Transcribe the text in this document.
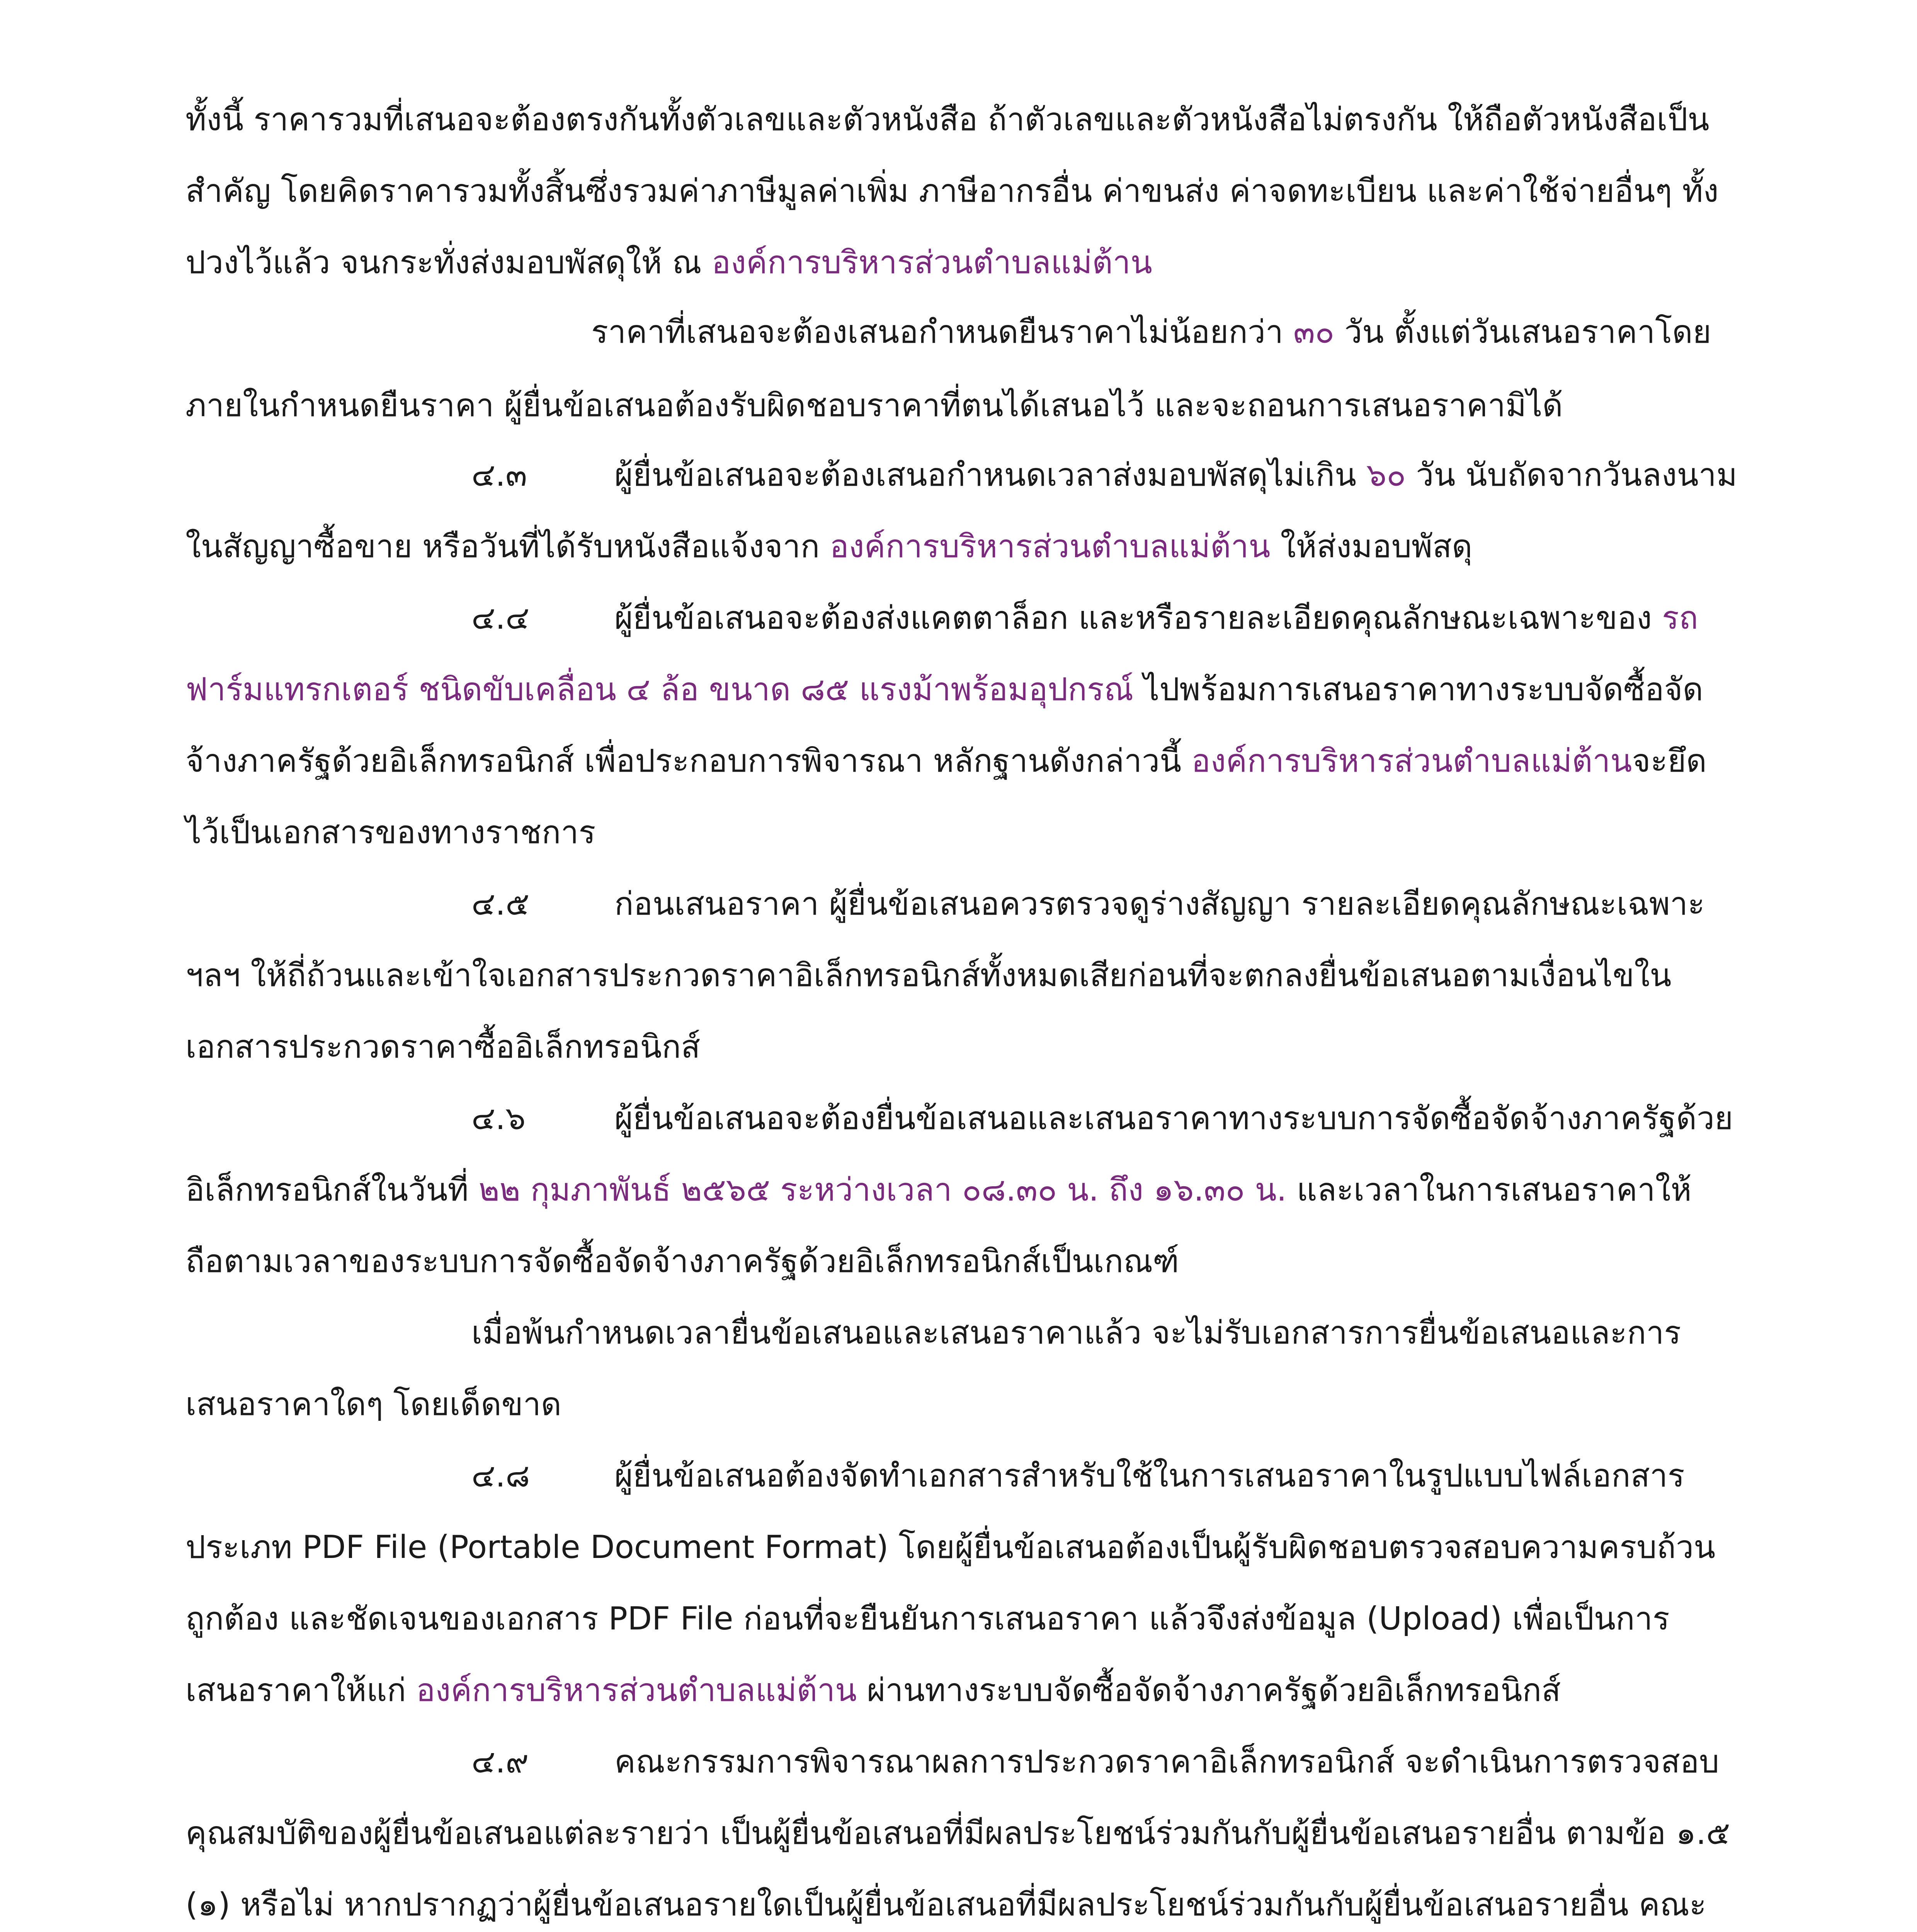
ทั้งนี้ ราคารวมที่เสนอจะต้องตรงกันทั้งตัวเลขและตัวหนังสือ ถ้าตัวเลขและตัวหนังสือไม่ตรงกัน ให้ถือตัวหนังสือเป็น
สำคัญ โดยคิดราคารวมทั้งสิ้นซึ่งรวมค่าภาษีมูลค่าเพิ่ม ภาษีอากรอื่น ค่าขนส่ง ค่าจดทะเบียน และค่าใช้จ่ายอื่นๆ ทั้ง
ปวงไว้แล้ว จนกระทั่งส่งมอบพัสดุให้ ณ องค์การบริหารส่วนตำบลแม่ต้าน
ราคาที่เสนอจะต้องเสนอกำหนดยืนราคาไม่น้อยกว่า ๓๐ วัน ตั้งแต่วันเสนอราคาโดย
ภายในกำหนดยืนราคา ผู้ยื่นข้อเสนอต้องรับผิดชอบราคาที่ตนได้เสนอไว้ และจะถอนการเสนอราคามิได้
๔.๓	ผู้ยื่นข้อเสนอจะต้องเสนอกำหนดเวลาส่งมอบพัสดุไม่เกิน ๖๐ วัน นับถัดจากวันลงนาม
ในสัญญาซื้อขาย หรือวันที่ได้รับหนังสือแจ้งจาก องค์การบริหารส่วนตำบลแม่ต้าน ให้ส่งมอบพัสดุ
๔.๔	ผู้ยื่นข้อเสนอจะต้องส่งแคตตาล็อก และหรือรายละเอียดคุณลักษณะเฉพาะของ รถ
ฟาร์มแทรกเตอร์ ชนิดขับเคลื่อน ๔ ล้อ ขนาด ๘๕ แรงม้าพร้อมอุปกรณ์ ไปพร้อมการเสนอราคาทางระบบจัดซื้อจัด
จ้างภาครัฐด้วยอิเล็กทรอนิกส์ เพื่อประกอบการพิจารณา หลักฐานดังกล่าวนี้ องค์การบริหารส่วนตำบลแม่ต้านจะยึด
ไว้เป็นเอกสารของทางราชการ
๔.๕	ก่อนเสนอราคา ผู้ยื่นข้อเสนอควรตรวจดูร่างสัญญา รายละเอียดคุณลักษณะเฉพาะ
ฯลฯ ให้ถี่ถ้วนและเข้าใจเอกสารประกวดราคาอิเล็กทรอนิกส์ทั้งหมดเสียก่อนที่จะตกลงยื่นข้อเสนอตามเงื่อนไขใน
เอกสารประกวดราคาซื้ออิเล็กทรอนิกส์
๔.๖	ผู้ยื่นข้อเสนอจะต้องยื่นข้อเสนอและเสนอราคาทางระบบการจัดซื้อจัดจ้างภาครัฐด้วย
อิเล็กทรอนิกส์ในวันที่ ๒๒ กุมภาพันธ์ ๒๕๖๕ ระหว่างเวลา ๐๘.๓๐ น. ถึง ๑๖.๓๐ น. และเวลาในการเสนอราคาให้
ถือตามเวลาของระบบการจัดซื้อจัดจ้างภาครัฐด้วยอิเล็กทรอนิกส์เป็นเกณฑ์
เมื่อพ้นกำหนดเวลายื่นข้อเสนอและเสนอราคาแล้ว จะไม่รับเอกสารการยื่นข้อเสนอและการ
เสนอราคาใดๆ โดยเด็ดขาด
๔.๘	ผู้ยื่นข้อเสนอต้องจัดทำเอกสารสำหรับใช้ในการเสนอราคาในรูปแบบไฟล์เอกสาร
ประเภท PDF File (Portable Document Format) โดยผู้ยื่นข้อเสนอต้องเป็นผู้รับผิดชอบตรวจสอบความครบถ้วน
ถูกต้อง และชัดเจนของเอกสาร PDF File ก่อนที่จะยืนยันการเสนอราคา แล้วจึงส่งข้อมูล (Upload) เพื่อเป็นการ
เสนอราคาให้แก่ องค์การบริหารส่วนตำบลแม่ต้าน ผ่านทางระบบจัดซื้อจัดจ้างภาครัฐด้วยอิเล็กทรอนิกส์
๔.๙	คณะกรรมการพิจารณาผลการประกวดราคาอิเล็กทรอนิกส์ จะดำเนินการตรวจสอบ
คุณสมบัติของผู้ยื่นข้อเสนอแต่ละรายว่า เป็นผู้ยื่นข้อเสนอที่มีผลประโยชน์ร่วมกันกับผู้ยื่นข้อเสนอรายอื่น ตามข้อ ๑.๕
(๑) หรือไม่ หากปรากฏว่าผู้ยื่นข้อเสนอรายใดเป็นผู้ยื่นข้อเสนอที่มีผลประโยชน์ร่วมกันกับผู้ยื่นข้อเสนอรายอื่น คณะ
